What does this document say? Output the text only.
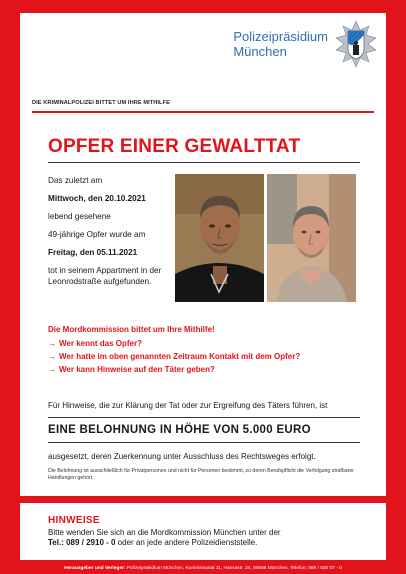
Polizeipräsidium
München
DIE KRIMINALPOLIZEI BITTET UM IHRE MITHILFE
OPFER EINER GEWALTTAT

Das zuletzt am

Mittwoch, den 20.10.2021

lebend gesehene

49-jährige Opfer wurde am

Freitag, den 05.11.2021

tot in seinem Appartment in der Leonrodstraße aufgefunden.

Die Mordkommission bittet um Ihre Mithilfe!
→ Wer kennt das Opfer?
→ Wer hatte im oben genannten Zeitraum Kontakt mit dem Opfer?
→ Wer kann Hinweise auf den Täter geben?
Für Hinweise, die zur Klärung der Tat oder zur Ergreifung des Täters führen, ist
EINE BELOHNUNG IN HÖHE VON 5.000 EURO
ausgesetzt, deren Zuerkennung unter Ausschluss des Rechtsweges erfolgt.
Die Belohnung ist ausschließlich für Privatpersonen und nicht für Personen bestimmt, zu deren Berufspflicht die Verfolgung strafbarer Handlungen gehört.
HINWEISE
Bitte wenden Sie sich an die Mordkommission München unter der
Tel.: 089 / 2910 - 0 oder an jede andere Polizeidienststelle.
Herausgeber und Verleger: Polizeipräsidium München, Kommissariat 11, Hansastr. 24, 80686 München, Telefon: 089 / 630 07 - 0
